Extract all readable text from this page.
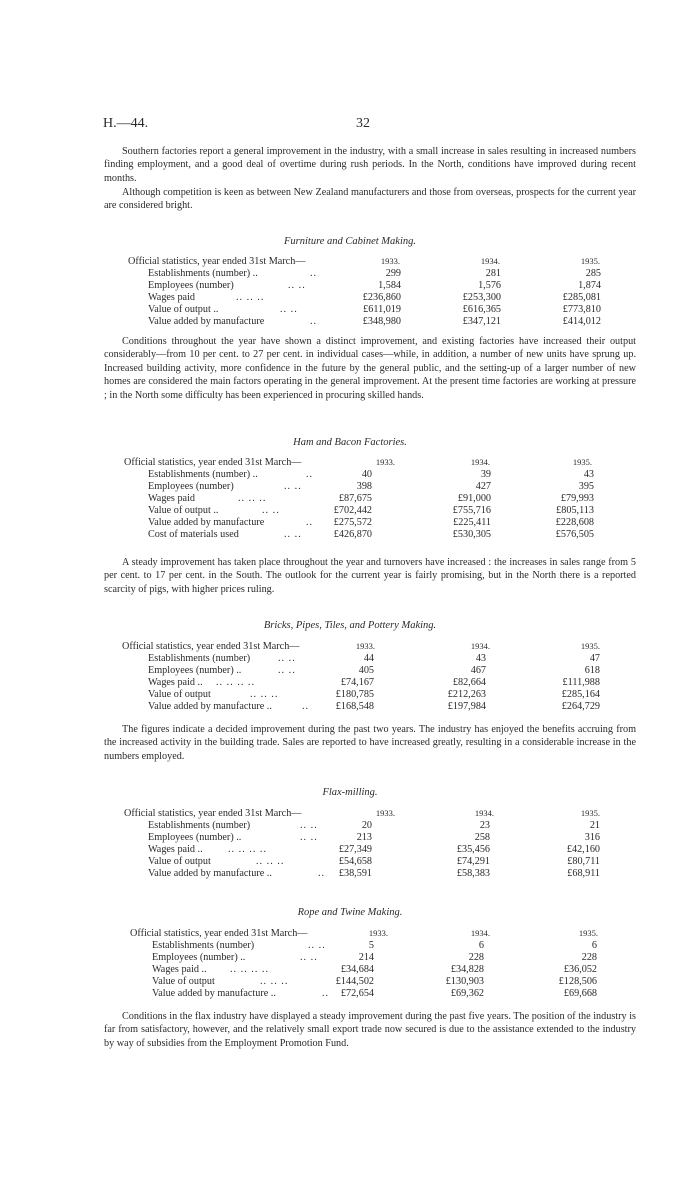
H.—44.	32

Southern factories report a general improvement in the industry, with a small increase in sales resulting in increased numbers finding employment, and a good deal of overtime during rush periods. In the North, conditions have improved during recent months.

Although competition is keen as between New Zealand manufacturers and those from overseas, prospects for the current year are considered bright.

Furniture and Cabinet Making.
Official statistics, year ended 31st March—	1933.	1934.	1935.
Establishments (number) ..	..	299	281	285
Employees (number)	.. ..	1,584	1,576	1,874
Wages paid	.. .. ..	£236,860	£253,300	£285,081
Value of output ..	.. ..	£611,019	£616,365	£773,810
Value added by manufacture	..	£348,980	£347,121	£414,012

Conditions throughout the year have shown a distinct improvement, and existing factories have increased their output considerably—from 10 per cent. to 27 per cent. in individual cases—while, in addition, a number of new units have sprung up. Increased building activity, more confidence in the future by the general public, and the setting-up of a larger number of new homes are considered the main factors operating in the general improvement. At the present time factories are working at pressure ; in the North some difficulty has been experienced in procuring skilled hands.

Ham and Bacon Factories.
Official statistics, year ended 31st March—	1933.	1934.	1935.
Establishments (number) ..	..	40	39	43
Employees (number)	.. ..	398	427	395
Wages paid	.. .. ..	£87,675	£91,000	£79,993
Value of output ..	.. ..	£702,442	£755,716	£805,113
Value added by manufacture	..	£275,572	£225,411	£228,608
Cost of materials used	.. ..	£426,870	£530,305	£576,505

A steady improvement has taken place throughout the year and turnovers have increased : the increases in sales range from 5 per cent. to 17 per cent. in the South. The outlook for the current year is fairly promising, but in the North there is a reported scarcity of pigs, with higher prices ruling.

Bricks, Pipes, Tiles, and Pottery Making.
Official statistics, year ended 31st March—	1933.	1934.	1935.
Establishments (number)	.. ..	44	43	47
Employees (number) ..	.. ..	405	467	618
Wages paid .. .. .. .. ..	£74,167	£82,664	£111,988
Value of output	.. .. ..	£180,785	£212,263	£285,164
Value added by manufacture ..	..	£168,548	£197,984	£264,729

The figures indicate a decided improvement during the past two years. The industry has enjoyed the benefits accruing from the increased activity in the building trade. Sales are reported to have increased greatly, resulting in a considerable increase in the numbers employed.

Flax-milling.
Official statistics, year ended 31st March—	1933.	1934.	1935.
Establishments (number)	.. ..	20	23	21
Employees (number) ..	.. ..	213	258	316
Wages paid .. .. .. .. ..	£27,349	£35,456	£42,160
Value of output	.. .. ..	£54,658	£74,291	£80,711
Value added by manufacture ..	..	£38,591	£58,383	£68,911
Rope and Twine Making.
Official statistics, year ended 31st March—	1933.	1934.	1935.
Establishments (number)	.. ..	5	6	6
Employees (number) ..	.. ..	214	228	228
Wages paid .. .. .. .. ..	£34,684	£34,828	£36,052
Value of output	.. .. ..	£144,502	£130,903	£128,506
Value added by manufacture ..	..	£72,654	£69,362	£69,668

Conditions in the flax industry have displayed a steady improvement during the past five years. The position of the industry is far from satisfactory, however, and the relatively small export trade now secured is due to the assistance extended to the industry by way of subsidies from the Employment Promotion Fund.
